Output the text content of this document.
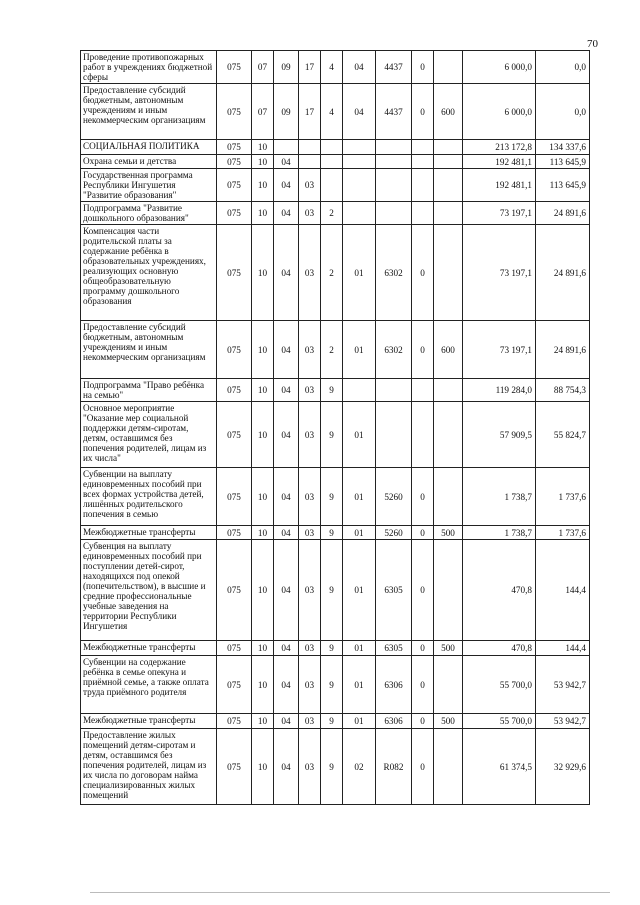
70
Проведение противопожарных работ в учреждениях бюджетной сферы	075	07	09	17	4	04	4437	0		6 000,0	0,0
Предоставление субсидий бюджетным, автономным учреждениям и иным некоммерческим организациям	075	07	09	17	4	04	4437	0	600	6 000,0	0,0
СОЦИАЛЬНАЯ ПОЛИТИКА	075	10								213 172,8	134 337,6
Охрана семьи и детства	075	10	04							192 481,1	113 645,9
Государственная программа Республики Ингушетия "Развитие образования"	075	10	04	03						192 481,1	113 645,9
Подпрограмма "Развитие дошкольного образования"	075	10	04	03	2					73 197,1	24 891,6
Компенсация части родительской платы за содержание ребёнка в образовательных учреждениях, реализующих основную общеобразовательную программу дошкольного образования	075	10	04	03	2	01	6302	0		73 197,1	24 891,6
Предоставление субсидий бюджетным, автономным учреждениям и иным некоммерческим организациям	075	10	04	03	2	01	6302	0	600	73 197,1	24 891,6
Подпрограмма "Право ребёнка на семью"	075	10	04	03	9					119 284,0	88 754,3
Основное мероприятие "Оказание мер социальной поддержки детям-сиротам, детям, оставшимся без попечения родителей, лицам из их числа"	075	10	04	03	9	01				57 909,5	55 824,7
Субвенции на выплату единовременных пособий при всех формах устройства детей, лишённых родительского попечения в семью	075	10	04	03	9	01	5260	0		1 738,7	1 737,6
Межбюджетные трансферты	075	10	04	03	9	01	5260	0	500	1 738,7	1 737,6
Субвенция на выплату единовременных пособий при поступлении детей-сирот, находящихся под опекой (попечительством), в высшие и средние профессиональные учебные заведения на территории Республики Ингушетия	075	10	04	03	9	01	6305	0		470,8	144,4
Межбюджетные трансферты	075	10	04	03	9	01	6305	0	500	470,8	144,4
Субвенции на содержание ребёнка в семье опекуна и приёмной семье, а также оплата труда приёмного родителя	075	10	04	03	9	01	6306	0		55 700,0	53 942,7
Межбюджетные трансферты	075	10	04	03	9	01	6306	0	500	55 700,0	53 942,7
Предоставление жилых помещений детям-сиротам и детям, оставшимся без попечения родителей, лицам из их числа по договорам найма специализированных жилых помещений	075	10	04	03	9	02	R082	0		61 374,5	32 929,6
